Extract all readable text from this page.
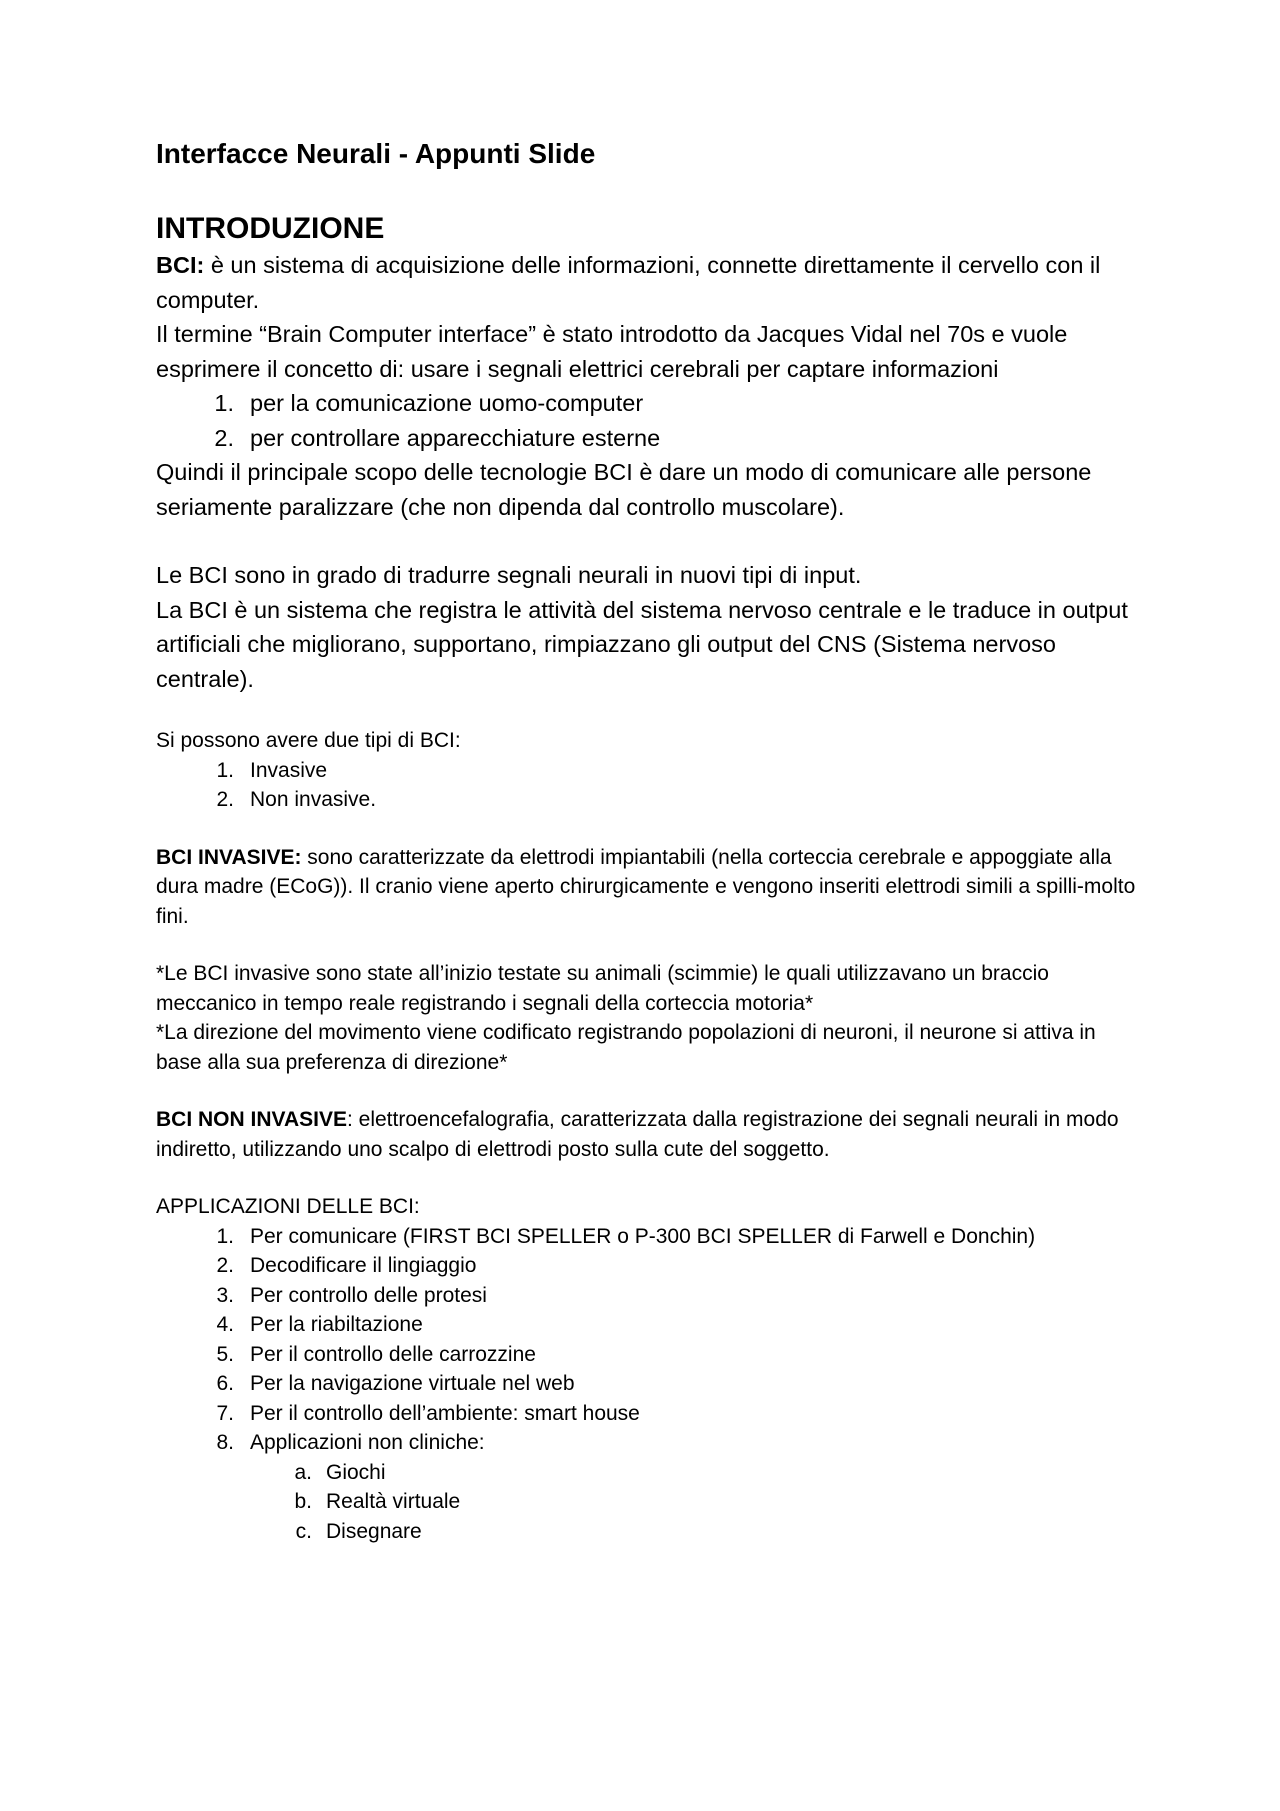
Interfacce Neurali - Appunti Slide
INTRODUZIONE

BCI: è un sistema di acquisizione delle informazioni, connette direttamente il cervello con il computer.

Il termine “Brain Computer interface” è stato introdotto da Jacques Vidal nel 70s e vuole esprimere il concetto di: usare i segnali elettrici cerebrali per captare informazioni

1. per la comunicazione uomo-computer
2. per controllare apparecchiature esterne

Quindi il principale scopo delle tecnologie BCI è dare un modo di comunicare alle persone seriamente paralizzare (che non dipenda dal controllo muscolare).

Le BCI sono in grado di tradurre segnali neurali in nuovi tipi di input.

La BCI è un sistema che registra le attività del sistema nervoso centrale e le traduce in output artificiali che migliorano, supportano, rimpiazzano gli output del CNS (Sistema nervoso centrale).

Si possono avere due tipi di BCI:

1. Invasive
2. Non invasive.

BCI INVASIVE: sono caratterizzate da elettrodi impiantabili (nella corteccia cerebrale e appoggiate alla dura madre (ECoG)). Il cranio viene aperto chirurgicamente e vengono inseriti elettrodi simili a spilli-molto fini.

*Le BCI invasive sono state all’inizio testate su animali (scimmie) le quali utilizzavano un braccio meccanico in tempo reale registrando i segnali della corteccia motoria*

*La direzione del movimento viene codificato registrando popolazioni di neuroni, il neurone si attiva in base alla sua preferenza di direzione*

BCI NON INVASIVE: elettroencefalografia, caratterizzata dalla registrazione dei segnali neurali in modo indiretto, utilizzando uno scalpo di elettrodi posto sulla cute del soggetto.

APPLICAZIONI DELLE BCI:

1. Per comunicare (FIRST BCI SPELLER o P-300 BCI SPELLER di Farwell e Donchin)
2. Decodificare il lingiaggio
3. Per controllo delle protesi
4. Per la riabiltazione
5. Per il controllo delle carrozzine
6. Per la navigazione virtuale nel web
7. Per il controllo dell’ambiente: smart house
8. Applicazioni non cliniche:
a. Giochi
b. Realtà virtuale
c. Disegnare
